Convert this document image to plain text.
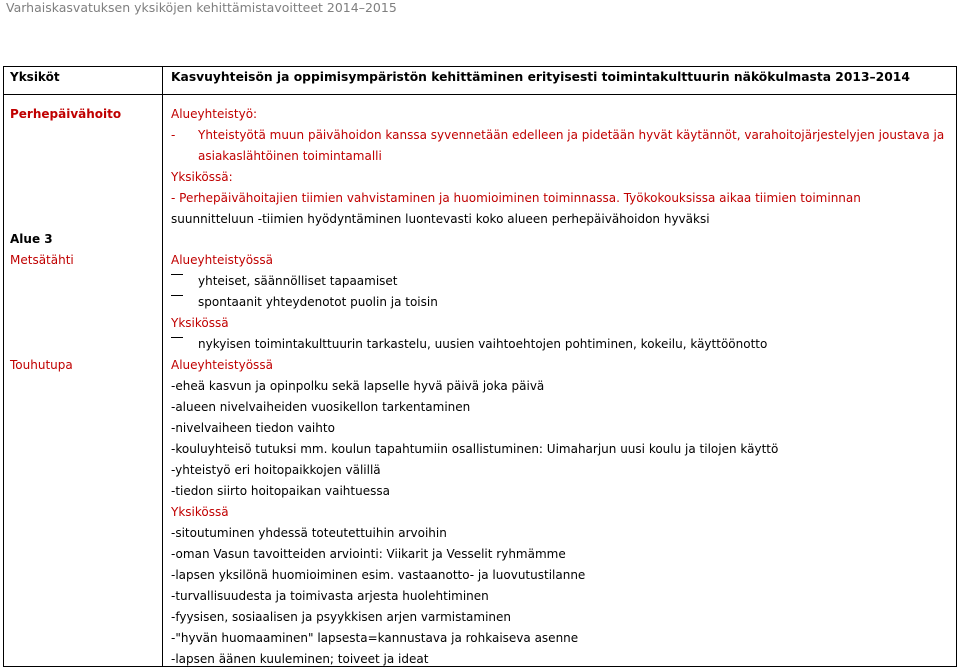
Varhaiskasvatuksen yksiköjen kehittämistavoitteet 2014–2015
Yksiköt	Kasvuyhteisön ja oppimisympäristön kehittäminen erityisesti toimintakulttuurin näkökulmasta 2013–2014
Perhepäivähoito
Alue 3
Metsätähti
Touhutupa
Alueyhteistyö:
- Yhteistyötä muun päivähoidon kanssa syvennetään edelleen ja pidetään hyvät käytännöt, varahoitojärjestelyjen joustava ja
asiakaslähtöinen toimintamalli
Yksikössä:
- Perhepäivähoitajien tiimien vahvistaminen ja huomioiminen toiminnassa. Työkokouksissa aikaa tiimien toiminnan
suunnitteluun -tiimien hyödyntäminen luontevasti koko alueen perhepäivähoidon hyväksi
Alueyhteistyössä
yhteiset, säännölliset tapaamiset
spontaanit yhteydenotot puolin ja toisin
Yksikössä
nykyisen toimintakulttuurin tarkastelu, uusien vaihtoehtojen pohtiminen, kokeilu, käyttöönotto
Alueyhteistyössä
-eheä kasvun ja opinpolku sekä lapselle hyvä päivä joka päivä
-alueen nivelvaiheiden vuosikellon tarkentaminen
-nivelvaiheen tiedon vaihto
-kouluyhteisö tutuksi mm. koulun tapahtumiin osallistuminen: Uimaharjun uusi koulu ja tilojen käyttö
-yhteistyö eri hoitopaikkojen välillä
-tiedon siirto hoitopaikan vaihtuessa
Yksikössä
-sitoutuminen yhdessä toteutettuihin arvoihin
-oman Vasun tavoitteiden arviointi: Viikarit ja Vesselit ryhmämme
-lapsen yksilönä huomioiminen esim. vastaanotto- ja luovutustilanne
-turvallisuudesta ja toimivasta arjesta huolehtiminen
-fyysisen, sosiaalisen ja psyykkisen arjen varmistaminen
-"hyvän huomaaminen" lapsesta=kannustava ja rohkaiseva asenne
-lapsen äänen kuuleminen; toiveet ja ideat
